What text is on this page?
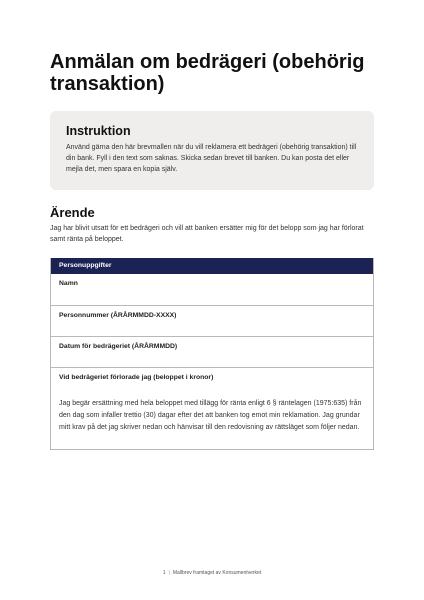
Anmälan om bedrägeri (obehörig transaktion)
Instruktion

Använd gärna den här brevmallen när du vill reklamera ett bedrägeri (obehörig transaktion) till din bank. Fyll i den text som saknas. Skicka sedan brevet till banken. Du kan posta det eller mejla det, men spara en kopia själv.

Ärende

Jag har blivit utsatt för ett bedrägeri och vill att banken ersätter mig för det belopp som jag har förlorat samt ränta på beloppet.

Personuppgifter
Namn
Personnummer (ÅRÅRMMDD-XXXX)
Datum för bedrägeriet (ÅRÅRMMDD)

Vid bedrägeriet förlorade jag (beloppet i kronor)

Jag begär ersättning med hela beloppet med tillägg för ränta enligt 6 § räntelagen (1975:635) från den dag som infaller trettio (30) dagar efter det att banken tog emot min reklamation. Jag grundar mitt krav på det jag skriver nedan och hänvisar till den redovisning av rättsläget som följer nedan.

1 | Mallbrev framtaget av Konsumentverket
